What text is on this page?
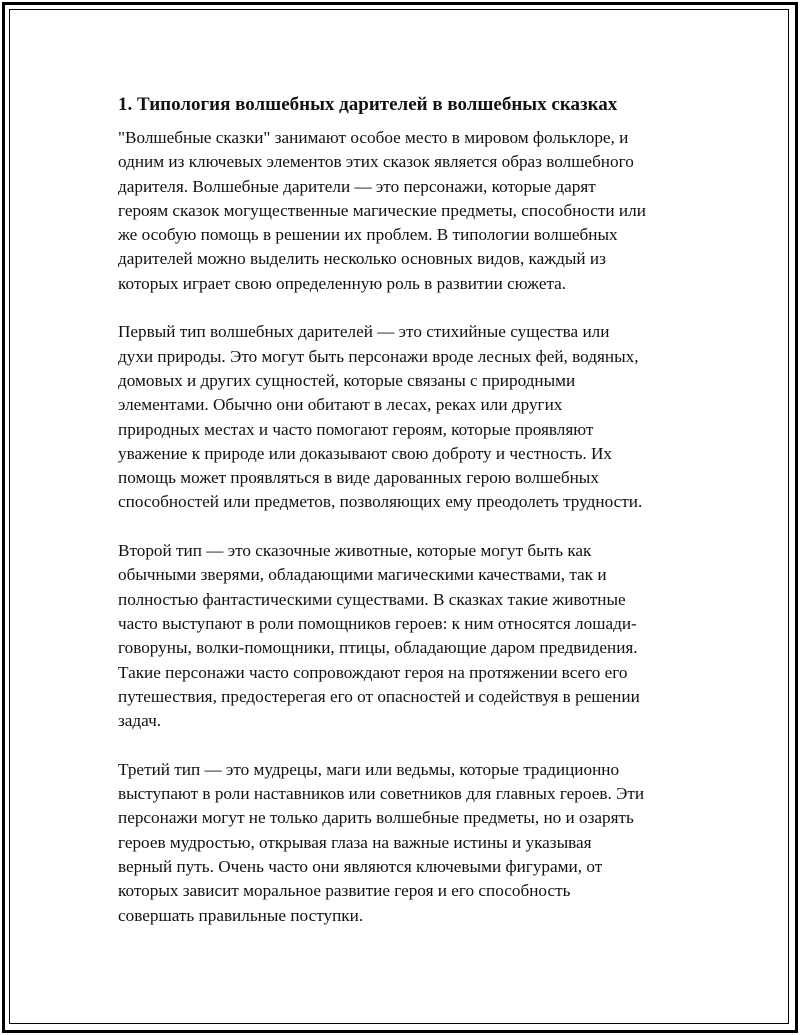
1. Типология волшебных дарителей в волшебных сказках
"Волшебные сказки" занимают особое место в мировом фольклоре, и
одним из ключевых элементов этих сказок является образ волшебного
дарителя. Волшебные дарители — это персонажи, которые дарят
героям сказок могущественные магические предметы, способности или
же особую помощь в решении их проблем. В типологии волшебных
дарителей можно выделить несколько основных видов, каждый из
которых играет свою определенную роль в развитии сюжета.
Первый тип волшебных дарителей — это стихийные существа или
духи природы. Это могут быть персонажи вроде лесных фей, водяных,
домовых и других сущностей, которые связаны с природными
элементами. Обычно они обитают в лесах, реках или других
природных местах и часто помогают героям, которые проявляют
уважение к природе или доказывают свою доброту и честность. Их
помощь может проявляться в виде дарованных герою волшебных
способностей или предметов, позволяющих ему преодолеть трудности.
Второй тип — это сказочные животные, которые могут быть как
обычными зверями, обладающими магическими качествами, так и
полностью фантастическими существами. В сказках такие животные
часто выступают в роли помощников героев: к ним относятся лошади-
говоруны, волки-помощники, птицы, обладающие даром предвидения.
Такие персонажи часто сопровождают героя на протяжении всего его
путешествия, предостерегая его от опасностей и содействуя в решении
задач.
Третий тип — это мудрецы, маги или ведьмы, которые традиционно
выступают в роли наставников или советников для главных героев. Эти
персонажи могут не только дарить волшебные предметы, но и озарять
героев мудростью, открывая глаза на важные истины и указывая
верный путь. Очень часто они являются ключевыми фигурами, от
которых зависит моральное развитие героя и его способность
совершать правильные поступки.
